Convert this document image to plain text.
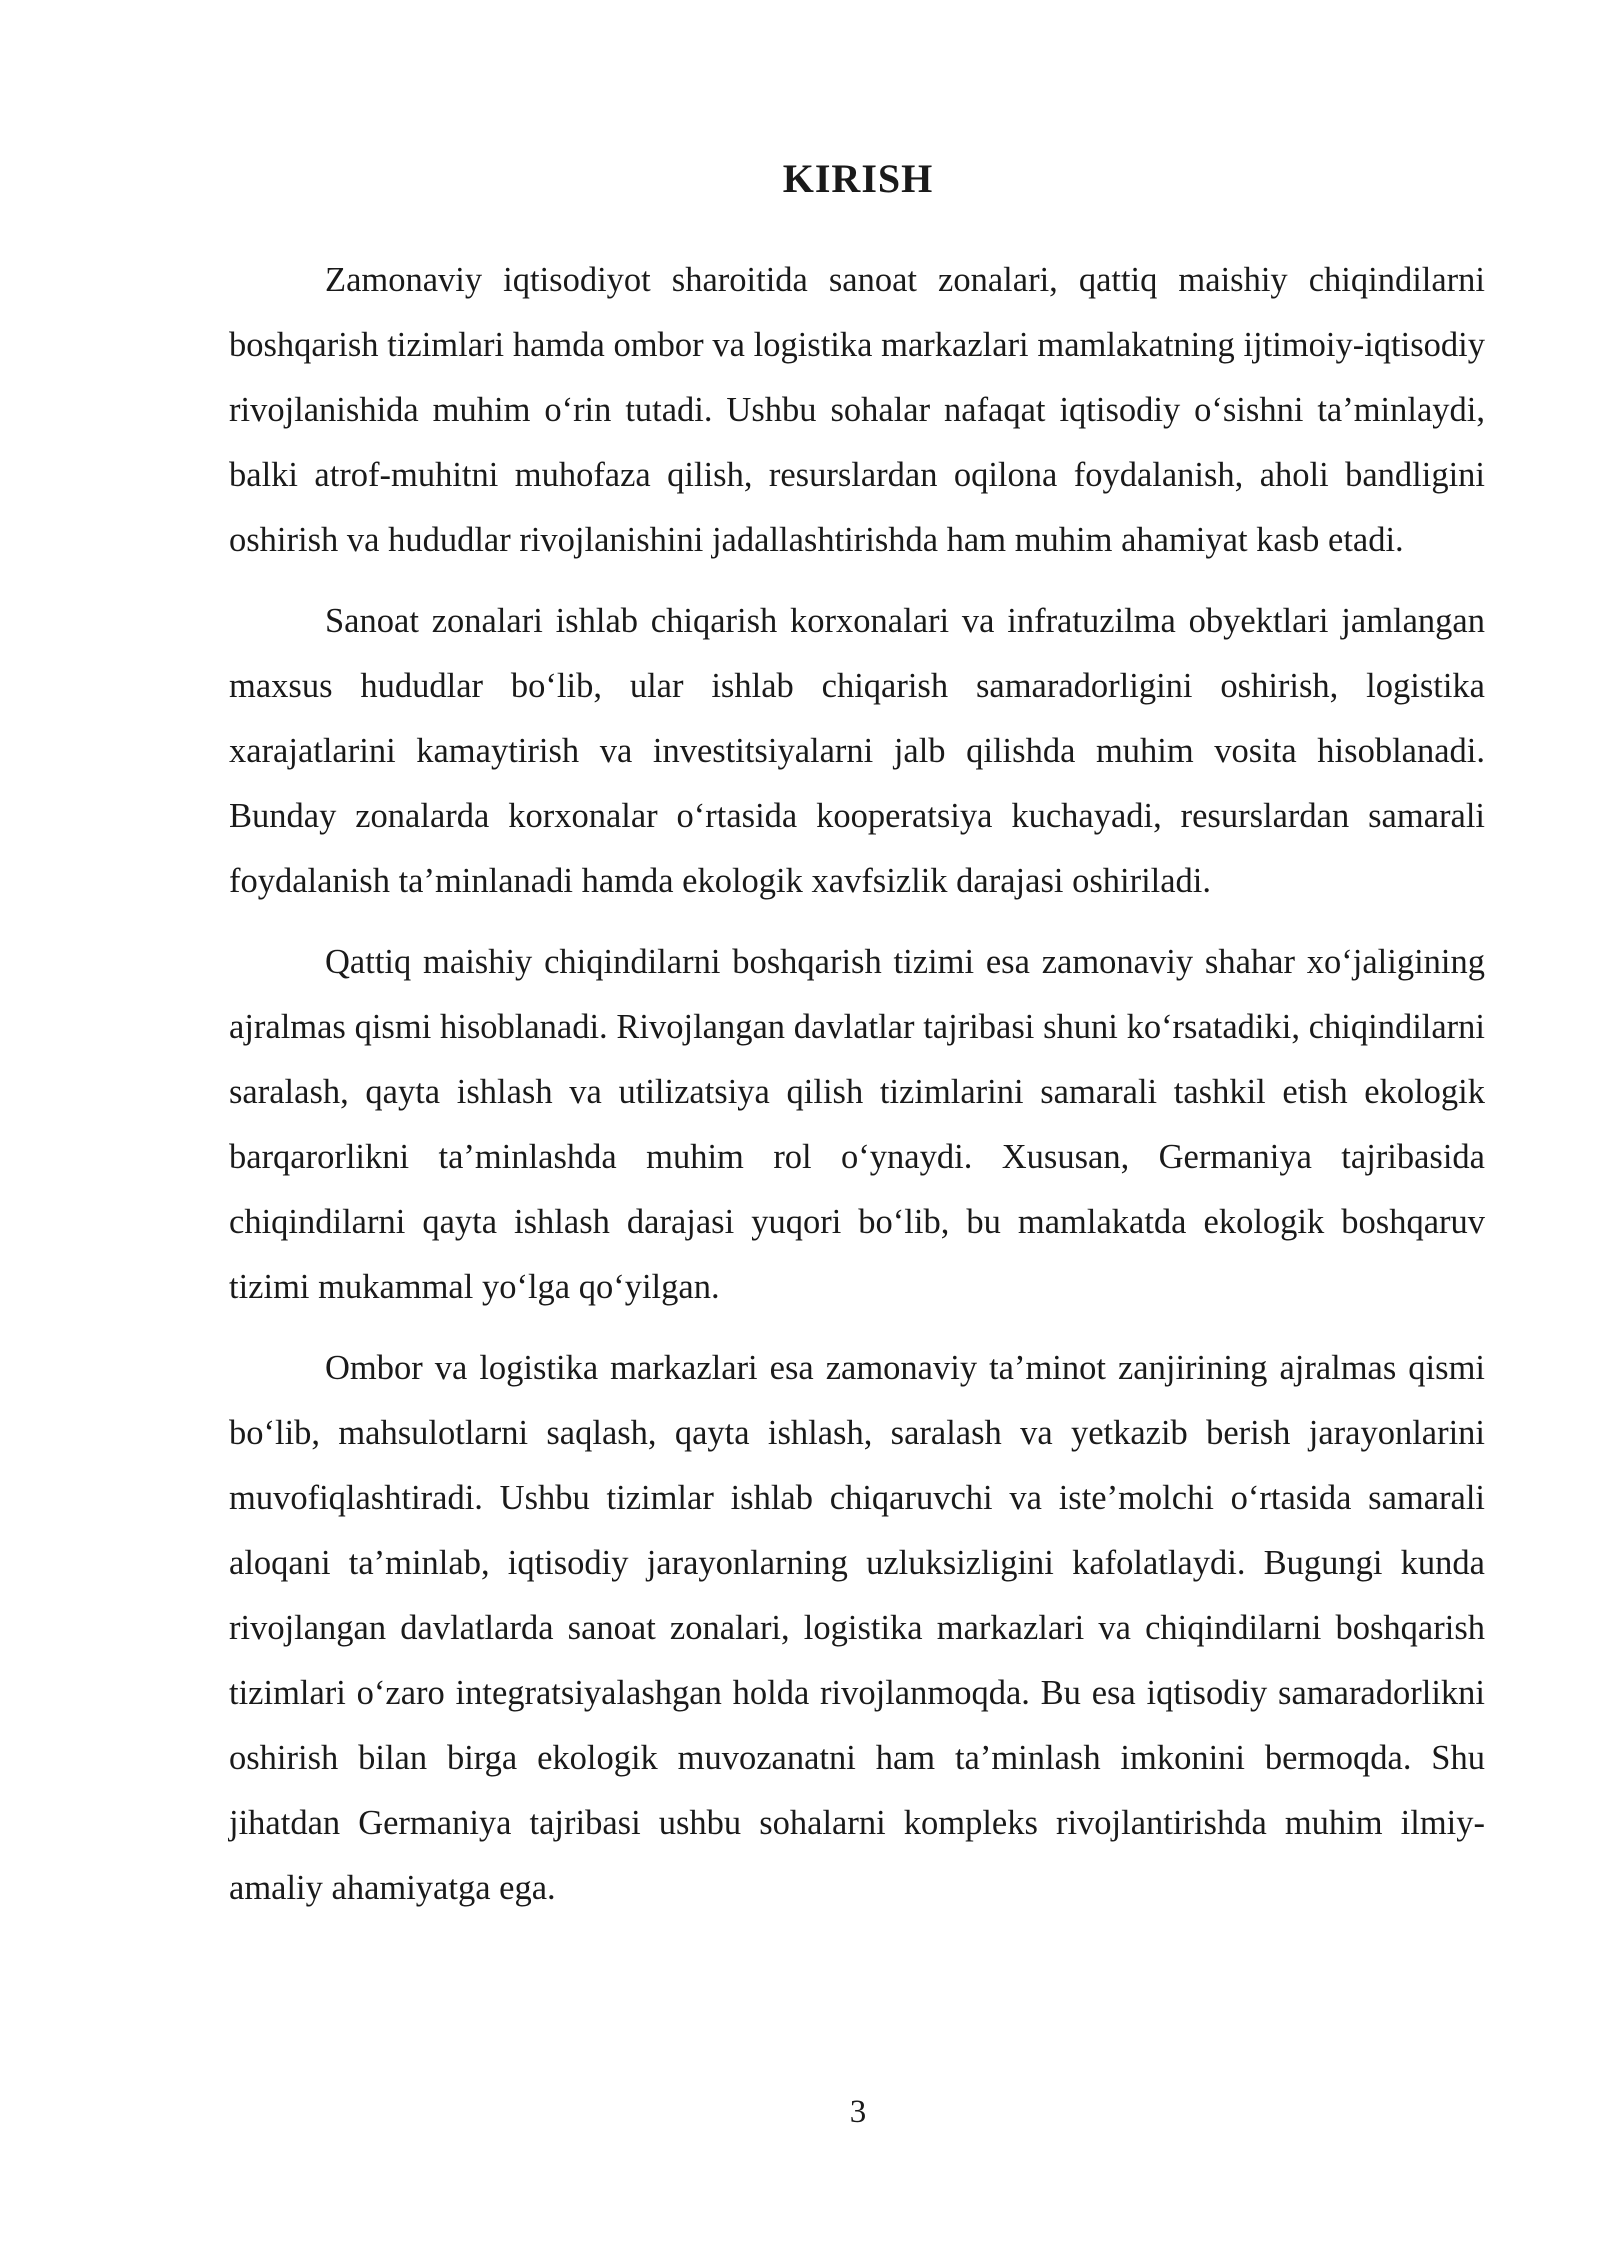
KIRISH

Zamonaviy iqtisodiyot sharoitida sanoat zonalari, qattiq maishiy chiqindilarni boshqarish tizimlari hamda ombor va logistika markazlari mamlakatning ijtimoiy-iqtisodiy rivojlanishida muhim o‘rin tutadi. Ushbu sohalar nafaqat iqtisodiy o‘sishni ta’minlaydi, balki atrof-muhitni muhofaza qilish, resurslardan oqilona foydalanish, aholi bandligini oshirish va hududlar rivojlanishini jadallashtirishda ham muhim ahamiyat kasb etadi.

Sanoat zonalari ishlab chiqarish korxonalari va infratuzilma obyektlari jamlangan maxsus hududlar bo‘lib, ular ishlab chiqarish samaradorligini oshirish, logistika xarajatlarini kamaytirish va investitsiyalarni jalb qilishda muhim vosita hisoblanadi. Bunday zonalarda korxonalar o‘rtasida kooperatsiya kuchayadi, resurslardan samarali foydalanish ta’minlanadi hamda ekologik xavfsizlik darajasi oshiriladi.

Qattiq maishiy chiqindilarni boshqarish tizimi esa zamonaviy shahar xo‘jaligining ajralmas qismi hisoblanadi. Rivojlangan davlatlar tajribasi shuni ko‘rsatadiki, chiqindilarni saralash, qayta ishlash va utilizatsiya qilish tizimlarini samarali tashkil etish ekologik barqarorlikni ta’minlashda muhim rol o‘ynaydi. Xususan, Germaniya tajribasida chiqindilarni qayta ishlash darajasi yuqori bo‘lib, bu mamlakatda ekologik boshqaruv tizimi mukammal yo‘lga qo‘yilgan.

Ombor va logistika markazlari esa zamonaviy ta’minot zanjirining ajralmas qismi bo‘lib, mahsulotlarni saqlash, qayta ishlash, saralash va yetkazib berish jarayonlarini muvofiqlashtiradi. Ushbu tizimlar ishlab chiqaruvchi va iste’molchi o‘rtasida samarali aloqani ta’minlab, iqtisodiy jarayonlarning uzluksizligini kafolatlaydi. Bugungi kunda rivojlangan davlatlarda sanoat zonalari, logistika markazlari va chiqindilarni boshqarish tizimlari o‘zaro integratsiyalashgan holda rivojlanmoqda. Bu esa iqtisodiy samaradorlikni oshirish bilan birga ekologik muvozanatni ham ta’minlash imkonini bermoqda. Shu jihatdan Germaniya tajribasi ushbu sohalarni kompleks rivojlantirishda muhim ilmiy-amaliy ahamiyatga ega.

3
